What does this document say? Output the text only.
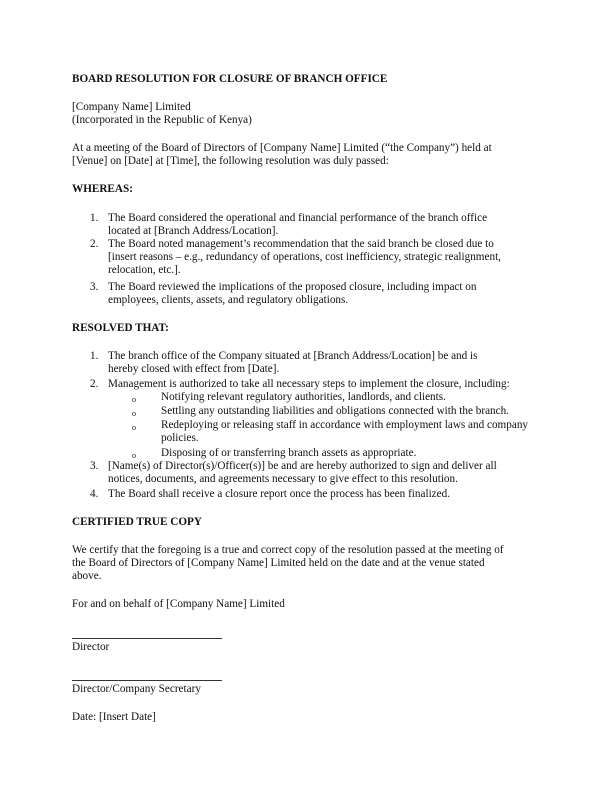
BOARD RESOLUTION FOR CLOSURE OF BRANCH OFFICE
[Company Name] Limited
(Incorporated in the Republic of Kenya)
At a meeting of the Board of Directors of [Company Name] Limited (“the Company”) held at
[Venue] on [Date] at [Time], the following resolution was duly passed:
WHEREAS:
1. The Board considered the operational and financial performance of the branch office
located at [Branch Address/Location].
2. The Board noted management’s recommendation that the said branch be closed due to
[insert reasons – e.g., redundancy of operations, cost inefficiency, strategic realignment,
relocation, etc.].
3. The Board reviewed the implications of the proposed closure, including impact on
employees, clients, assets, and regulatory obligations.
RESOLVED THAT:
1. The branch office of the Company situated at [Branch Address/Location] be and is
hereby closed with effect from [Date].
2. Management is authorized to take all necessary steps to implement the closure, including:
o Notifying relevant regulatory authorities, landlords, and clients.
o Settling any outstanding liabilities and obligations connected with the branch.
o Redeploying or releasing staff in accordance with employment laws and company
policies.
o Disposing of or transferring branch assets as appropriate.
3. [Name(s) of Director(s)/Officer(s)] be and are hereby authorized to sign and deliver all
notices, documents, and agreements necessary to give effect to this resolution.
4. The Board shall receive a closure report once the process has been finalized.
CERTIFIED TRUE COPY
We certify that the foregoing is a true and correct copy of the resolution passed at the meeting of
the Board of Directors of [Company Name] Limited held on the date and at the venue stated
above.
For and on behalf of [Company Name] Limited
Director
Director/Company Secretary
Date: [Insert Date]
